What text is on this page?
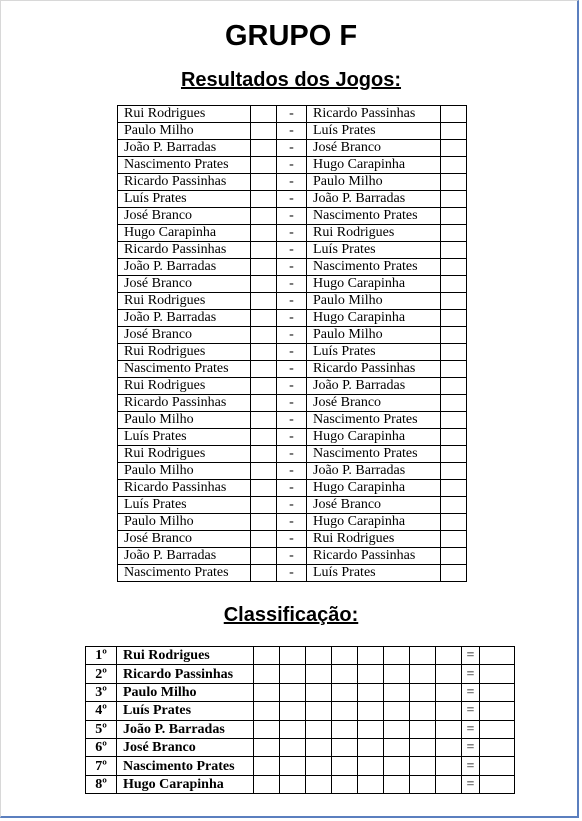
GRUPO F
Resultados dos Jogos:
Rui Rodrigues		-	Ricardo Passinhas	
Paulo Milho		-	Luís Prates	
João P. Barradas		-	José Branco	
Nascimento Prates		-	Hugo Carapinha	
Ricardo Passinhas		-	Paulo Milho	
Luís Prates		-	João P. Barradas	
José Branco		-	Nascimento Prates	
Hugo Carapinha		-	Rui Rodrigues	
Ricardo Passinhas		-	Luís Prates	
João P. Barradas		-	Nascimento Prates	
José Branco		-	Hugo Carapinha	
Rui Rodrigues		-	Paulo Milho	
João P. Barradas		-	Hugo Carapinha	
José Branco		-	Paulo Milho	
Rui Rodrigues		-	Luís Prates	
Nascimento Prates		-	Ricardo Passinhas	
Rui Rodrigues		-	João P. Barradas	
Ricardo Passinhas		-	José Branco	
Paulo Milho		-	Nascimento Prates	
Luís Prates		-	Hugo Carapinha	
Rui Rodrigues		-	Nascimento Prates	
Paulo Milho		-	João P. Barradas	
Ricardo Passinhas		-	Hugo Carapinha	
Luís Prates		-	José Branco	
Paulo Milho		-	Hugo Carapinha	
José Branco		-	Rui Rodrigues	
João P. Barradas		-	Ricardo Passinhas	
Nascimento Prates		-	Luís Prates	
Classificação:
1º	Rui Rodrigues									=	
2º	Ricardo Passinhas									=	
3º	Paulo Milho									=	
4º	Luís Prates									=	
5º	João P. Barradas									=	
6º	José Branco									=	
7º	Nascimento Prates									=	
8º	Hugo Carapinha									=	
